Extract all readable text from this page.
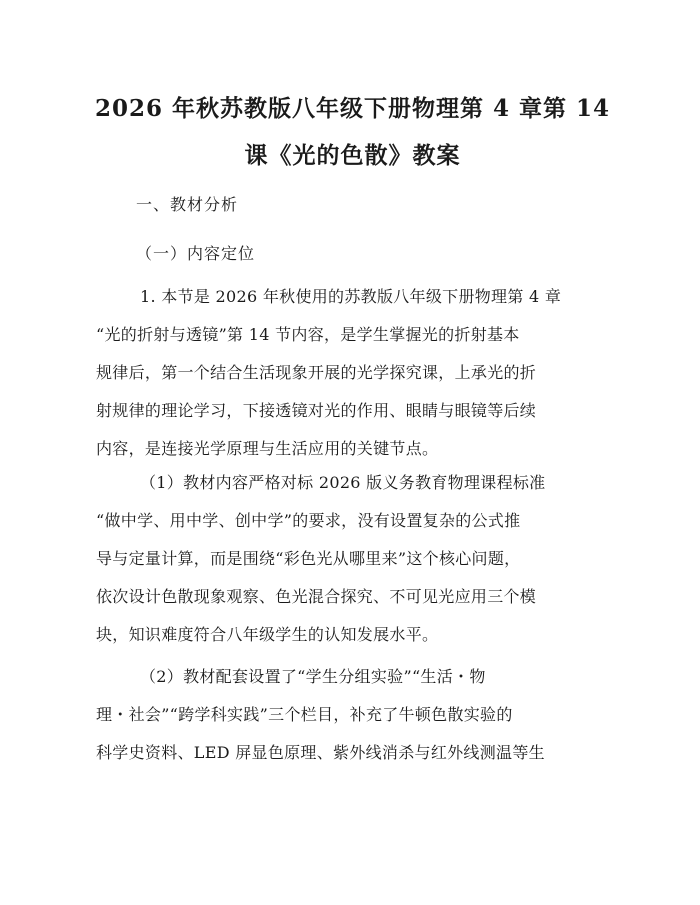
2026 年秋苏教版八年级下册物理第 4 章第 14
课《光的色散》教案
一、教材分析
（一）内容定位
1. 本节是 2026 年秋使用的苏教版八年级下册物理第 4 章
“光的折射与透镜”第 14 节内容，是学生掌握光的折射基本
规律后，第一个结合生活现象开展的光学探究课，上承光的折
射规律的理论学习，下接透镜对光的作用、眼睛与眼镜等后续
内容，是连接光学原理与生活应用的关键节点。
（1）教材内容严格对标 2026 版义务教育物理课程标准
“做中学、用中学、创中学”的要求，没有设置复杂的公式推
导与定量计算，而是围绕“彩色光从哪里来”这个核心问题，
依次设计色散现象观察、色光混合探究、不可见光应用三个模
块，知识难度符合八年级学生的认知发展水平。
（2）教材配套设置了“学生分组实验”“生活・物
理・社会”“跨学科实践”三个栏目，补充了牛顿色散实验的
科学史资料、LED 屏显色原理、紫外线消杀与红外线测温等生
